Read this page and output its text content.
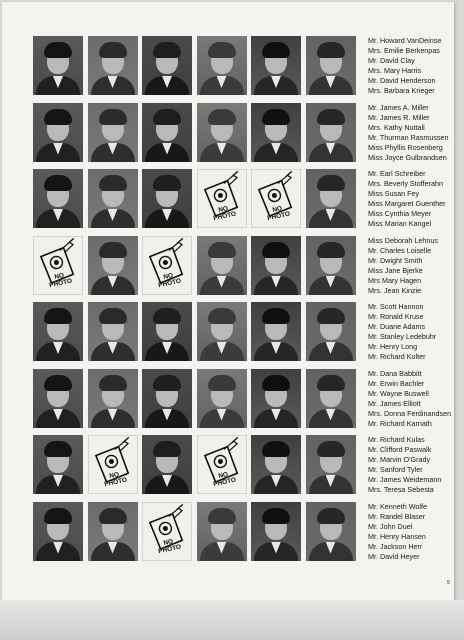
NO PHOTO
NO PHOTO
NO PHOTO
NO PHOTO
NO PHOTO
NO PHOTO
NO PHOTO
Mr. Howard VanDeinse
Mrs. Emilie Berkenpas
Mr. David Clay
Mrs. Mary Harris
Mr. David Henderson
Mrs. Barbara Krieger
Mr. James A. Miller
Mr. James R. Miller
Mrs. Kathy Nuttall
Mr. Thurman Rasmussen
Miss Phyllis Rosenberg
Miss Joyce Gulbrandsen
Mr. Earl Schreiber
Mrs. Beverly Stofferahn
Miss Susan Fey
Miss Margaret Guenther
Miss Cynthia Meyer
Miss Marian Kangel
Miss Deborah Lehnus
Mr. Charles Loiselle
Mr. Dwight Smith
Miss Jane Bjerke
Mrs Mary Hagen
Mrs. Jean Kinzie
Mr. Scott Hannon
Mr. Ronald Kruse
Mr. Duane Adams
Mr. Stanley Ledebuhr
Mr. Henry Long
Mr. Richard Kolter
Mr. Dana Babbitt
Mr. Erwin Bachler
Mr. Wayne Buswell
Mr. James Elliott
Mrs. Donna Ferdinandsen
Mr. Richard Karnath
Mr. Richard Kulas
Mr. Clifford Paswalk
Mr. Marvin O'Grady
Mr. Sanford Tyler
Mr. James Weidemann
Mrs. Teresa Sebesta
Mr. Kenneth Wolfe
Mr. Randel Blaser
Mr. John Duel
Mr. Henry Hansen
Mr. Jackson Herr
Mr. David Heyer
5
